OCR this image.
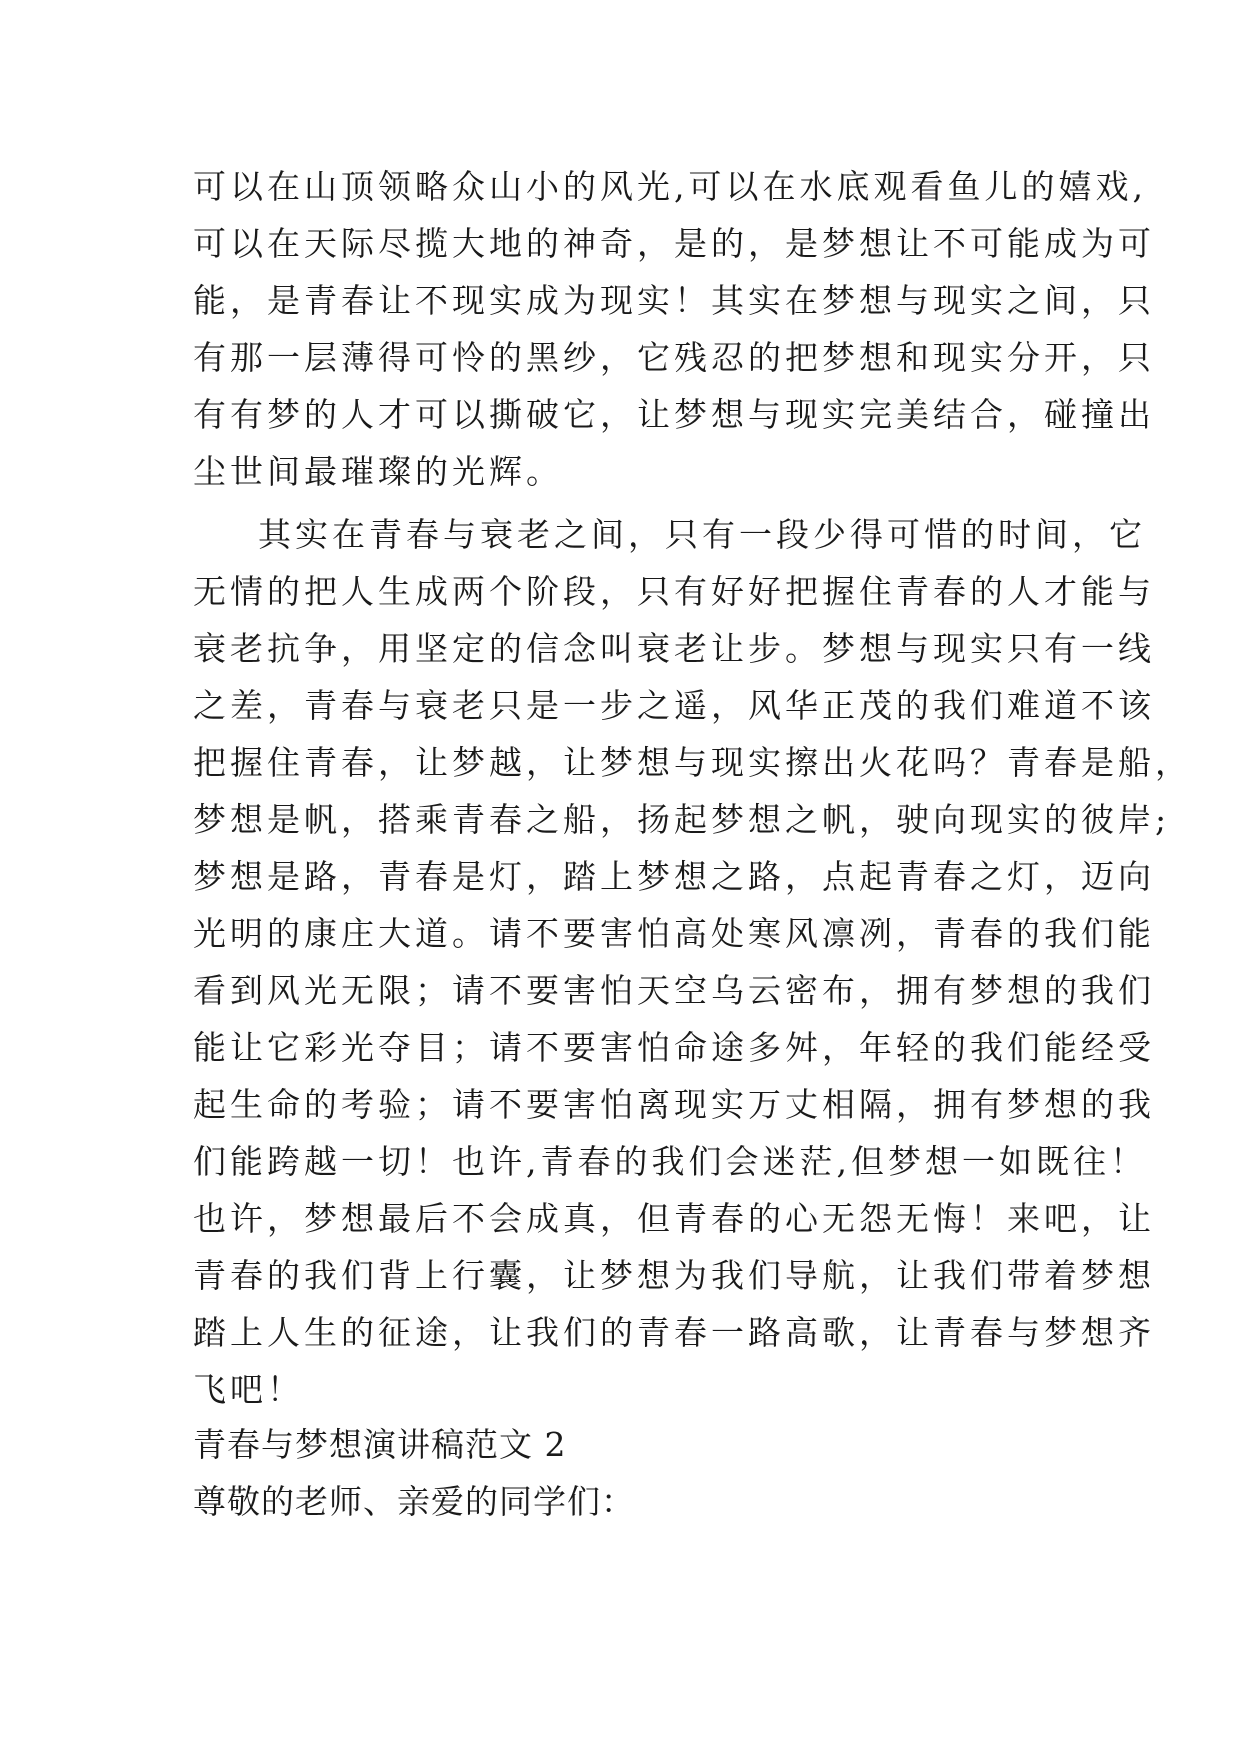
可以在山顶领略众山小的风光,可以在水底观看鱼儿的嬉戏,
可以在天际尽揽大地的神奇，是的，是梦想让不可能成为可
能，是青春让不现实成为现实！其实在梦想与现实之间，只
有那一层薄得可怜的黑纱，它残忍的把梦想和现实分开，只
有有梦的人才可以撕破它，让梦想与现实完美结合，碰撞出
尘世间最璀璨的光辉。
其实在青春与衰老之间，只有一段少得可惜的时间，它
无情的把人生成两个阶段，只有好好把握住青春的人才能与
衰老抗争，用坚定的信念叫衰老让步。梦想与现实只有一线
之差，青春与衰老只是一步之遥，风华正茂的我们难道不该
把握住青春，让梦越，让梦想与现实擦出火花吗？青春是船，
梦想是帆，搭乘青春之船，扬起梦想之帆，驶向现实的彼岸;
梦想是路，青春是灯，踏上梦想之路，点起青春之灯，迈向
光明的康庄大道。请不要害怕高处寒风凛冽，青春的我们能
看到风光无限；请不要害怕天空乌云密布，拥有梦想的我们
能让它彩光夺目；请不要害怕命途多舛，年轻的我们能经受
起生命的考验；请不要害怕离现实万丈相隔，拥有梦想的我
们能跨越一切！也许,青春的我们会迷茫,但梦想一如既往！
也许，梦想最后不会成真，但青春的心无怨无悔！来吧，让
青春的我们背上行囊，让梦想为我们导航，让我们带着梦想
踏上人生的征途，让我们的青春一路高歌，让青春与梦想齐
飞吧！
青春与梦想演讲稿范文 2
尊敬的老师、亲爱的同学们：
